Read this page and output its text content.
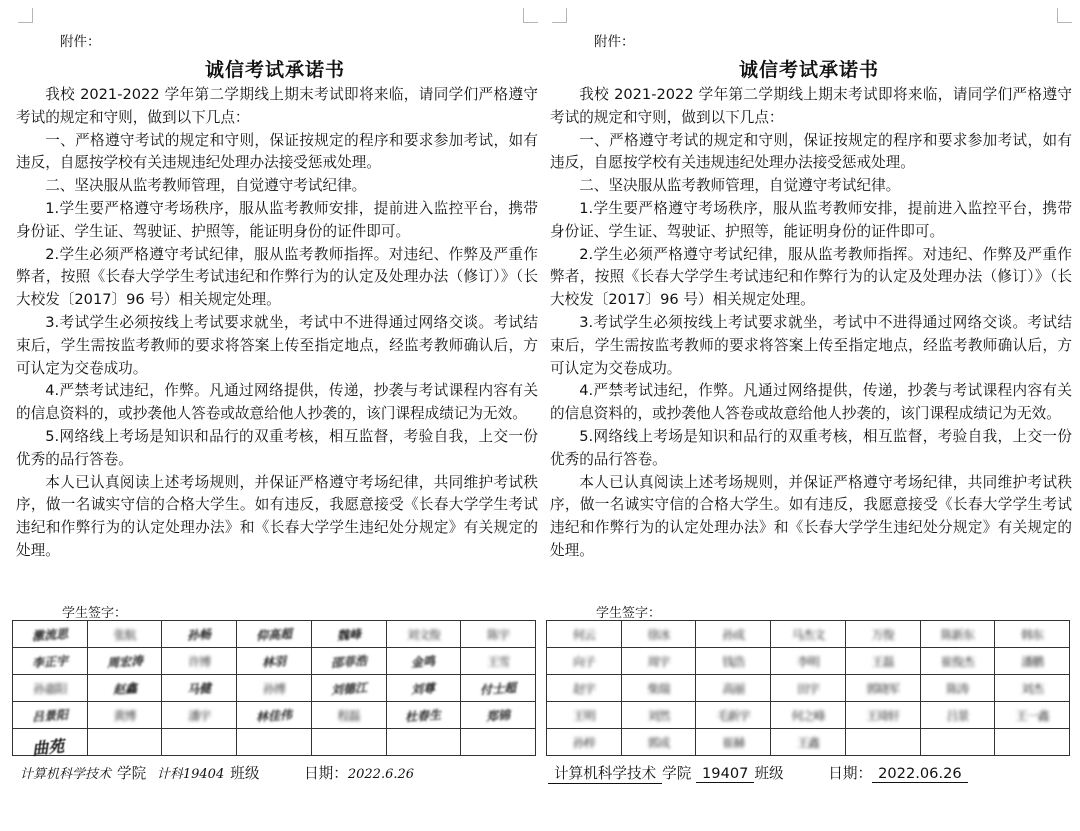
附件：
诚信考试承诺书

我校 2021-2022 学年第二学期线上期末考试即将来临，请同学们严格遵守考试的规定和守则，做到以下几点：

一、严格遵守考试的规定和守则，保证按规定的程序和要求参加考试，如有违反，自愿按学校有关违规违纪处理办法接受惩戒处理。

二、坚决服从监考教师管理，自觉遵守考试纪律。

1.学生要严格遵守考场秩序，服从监考教师安排，提前进入监控平台，携带身份证、学生证、驾驶证、护照等，能证明身份的证件即可。

2.学生必须严格遵守考试纪律，服从监考教师指挥。对违纪、作弊及严重作弊者，按照《长春大学学生考试违纪和作弊行为的认定及处理办法（修订）》（长大校发〔2017〕96 号）相关规定处理。

3.考试学生必须按线上考试要求就坐，考试中不进得通过网络交谈。考试结束后，学生需按监考教师的要求将答案上传至指定地点，经监考教师确认后，方可认定为交卷成功。

4.严禁考试违纪，作弊。凡通过网络提供，传递，抄袭与考试课程内容有关的信息资料的，或抄袭他人答卷或故意给他人抄袭的，该门课程成绩记为无效。

5.网络线上考场是知识和品行的双重考核，相互监督，考验自我，上交一份优秀的品行答卷。

本人已认真阅读上述考场规则，并保证严格遵守考场纪律，共同维护考试秩序，做一名诚实守信的合格大学生。如有违反，我愿意接受《长春大学学生考试违纪和作弊行为的认定处理办法》和《长春大学学生违纪处分规定》有关规定的处理。

学生签字：
激流思	张航	孙畅	仰高超	魏峰	刘文俊	陈宇
李正宇	周宏涛	许博	林羽	邵菲浩	金鸣	王雪
孙嘉阳	赵鑫	马健	孙博	刘德江	刘尊	付士超
吕景阳	黄博	潘宇	林佳伟	程磊	杜春生	郑锦

曲苑
计算机科学技术 学院 计科19404 班级	日期：2022.6.26
附件：
诚信考试承诺书

我校 2021-2022 学年第二学期线上期末考试即将来临，请同学们严格遵守考试的规定和守则，做到以下几点：

一、严格遵守考试的规定和守则，保证按规定的程序和要求参加考试，如有违反，自愿按学校有关违规违纪处理办法接受惩戒处理。

二、坚决服从监考教师管理，自觉遵守考试纪律。

1.学生要严格遵守考场秩序，服从监考教师安排，提前进入监控平台，携带身份证、学生证、驾驶证、护照等，能证明身份的证件即可。

2.学生必须严格遵守考试纪律，服从监考教师指挥。对违纪、作弊及严重作弊者，按照《长春大学学生考试违纪和作弊行为的认定及处理办法（修订）》（长大校发〔2017〕96 号）相关规定处理。

3.考试学生必须按线上考试要求就坐，考试中不进得通过网络交谈。考试结束后，学生需按监考教师的要求将答案上传至指定地点，经监考教师确认后，方可认定为交卷成功。

4.严禁考试违纪，作弊。凡通过网络提供，传递，抄袭与考试课程内容有关的信息资料的，或抄袭他人答卷或故意给他人抄袭的，该门课程成绩记为无效。

5.网络线上考场是知识和品行的双重考核，相互监督，考验自我，上交一份优秀的品行答卷。

本人已认真阅读上述考场规则，并保证严格遵守考场纪律，共同维护考试秩序，做一名诚实守信的合格大学生。如有违反，我愿意接受《长春大学学生考试违纪和作弊行为的认定处理办法》和《长春大学学生违纪处分规定》有关规定的处理。

学生签字：
何云	徐冰	孙成	马杰文	万俊	陈新东	韩东
向子	周宇	钱浩	李明	王磊	崔俊杰	潘鹏
赵宇	柴瑞	高丽	田宇	郭晓军	陈涛	刘杰
王明	刘然	毛新宇	何之峰	王琦轩	吕景	王一鑫
孙梓	郭成	崔赫	王鑫			
计算机科学技术 学院 19407 班级	日期： 2022.06.26
